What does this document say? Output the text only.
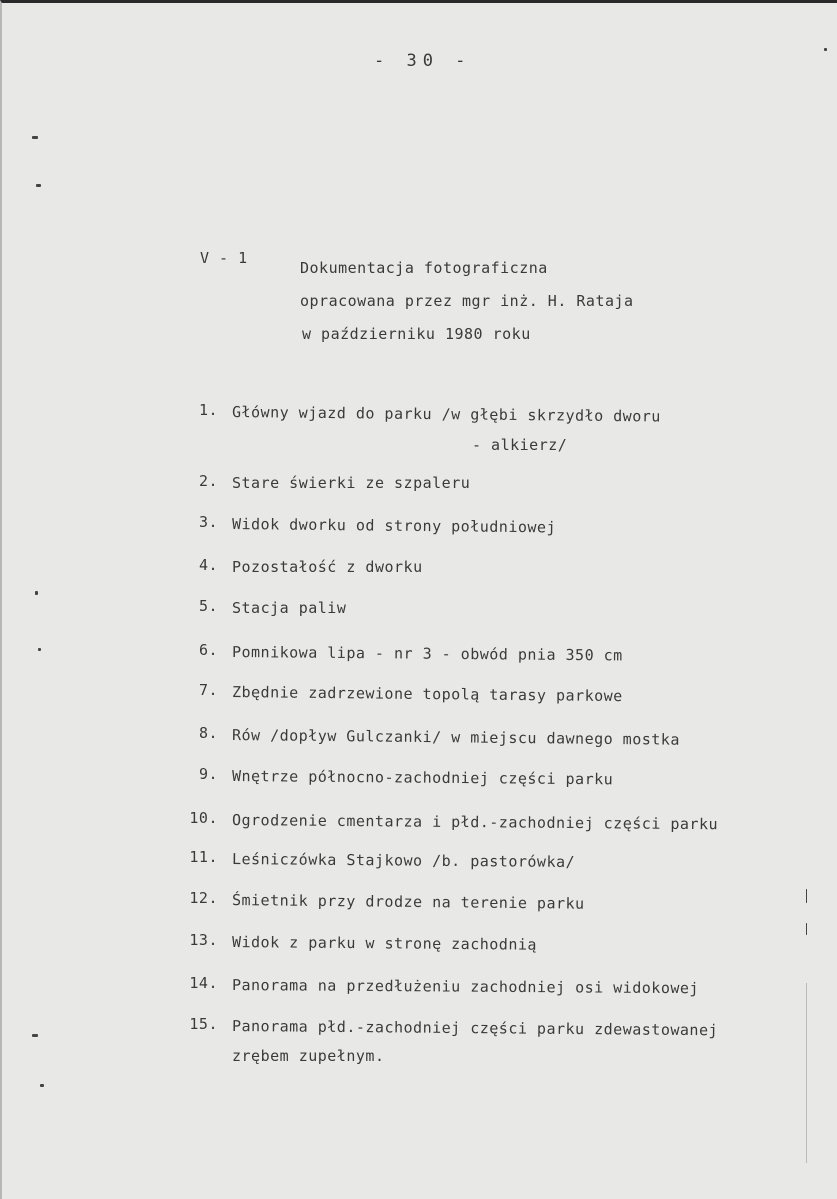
- 30 -
V - 1
Dokumentacja fotograficzna
opracowana przez mgr inż. H. Rataja
w październiku 1980 roku
1. Główny wjazd do parku /w głębi skrzydło dworu
- alkierz/
2. Stare świerki ze szpaleru
3. Widok dworku od strony południowej
4. Pozostałość z dworku
5. Stacja paliw
6. Pomnikowa lipa - nr 3 - obwód pnia 350 cm
7. Zbędnie zadrzewione topolą tarasy parkowe
8. Rów /dopływ Gulczanki/ w miejscu dawnego mostka
9. Wnętrze północno-zachodniej części parku
10. Ogrodzenie cmentarza i płd.-zachodniej części parku
11. Leśniczówka Stajkowo /b. pastorówka/
12. Śmietnik przy drodze na terenie parku
13. Widok z parku w stronę zachodnią
14. Panorama na przedłużeniu zachodniej osi widokowej
15. Panorama płd.-zachodniej części parku zdewastowanej
zrębem zupełnym.
